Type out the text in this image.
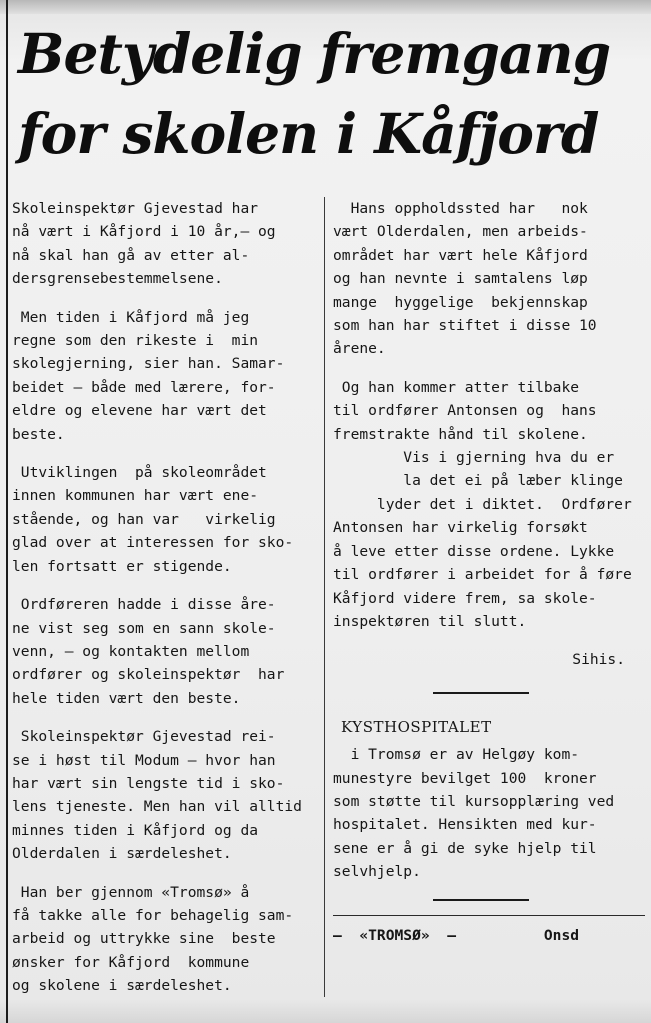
Betydelig fremgang
for skolen i Kåfjord

Skoleinspektør Gjevestad har
nå vært i Kåfjord i 10 år,— og
nå skal han gå av etter al-
dersgrensebestemmelsene.

Men tiden i Kåfjord må jeg
regne som den rikeste i  min
skolegjerning, sier han. Samar-
beidet — både med lærere, for-
eldre og elevene har vært det
beste.

Utviklingen  på skoleområdet
innen kommunen har vært ene-
stående, og han var   virkelig
glad over at interessen for sko-
len fortsatt er stigende.

Ordføreren hadde i disse åre-
ne vist seg som en sann skole-
venn, — og kontakten mellom
ordfører og skoleinspektør  har
hele tiden vært den beste.

Skoleinspektør Gjevestad rei-
se i høst til Modum — hvor han
har vært sin lengste tid i sko-
lens tjeneste. Men han vil alltid
minnes tiden i Kåfjord og da
Olderdalen i særdeleshet.

Han ber gjennom «Tromsø» å
få takke alle for behagelig sam-
arbeid og uttrykke sine  beste
ønsker for Kåfjord  kommune
og skolene i særdeleshet.

Hans oppholdssted har   nok
vært Olderdalen, men arbeids-
området har vært hele Kåfjord
og han nevnte i samtalens løp
mange  hyggelige  bekjennskap
som han har stiftet i disse 10
årene.

Og han kommer atter tilbake
til ordfører Antonsen og  hans
fremstrakte hånd til skolene.
Vis i gjerning hva du er
la det ei på læber klinge
lyder det i diktet.  Ordfører
Antonsen har virkelig forsøkt
å leve etter disse ordene. Lykke
til ordfører i arbeidet for å føre
Kåfjord videre frem, sa skole-
inspektøren til slutt.

Sihis.

KYSTHOSPITALET

i Tromsø er av Helgøy kom-
munestyre bevilget 100  kroner
som støtte til kursopplæring ved
hospitalet. Hensikten med kur-
sene er å gi de syke hjelp til
selvhjelp.

—  «TROMSØ»  —	Onsd
